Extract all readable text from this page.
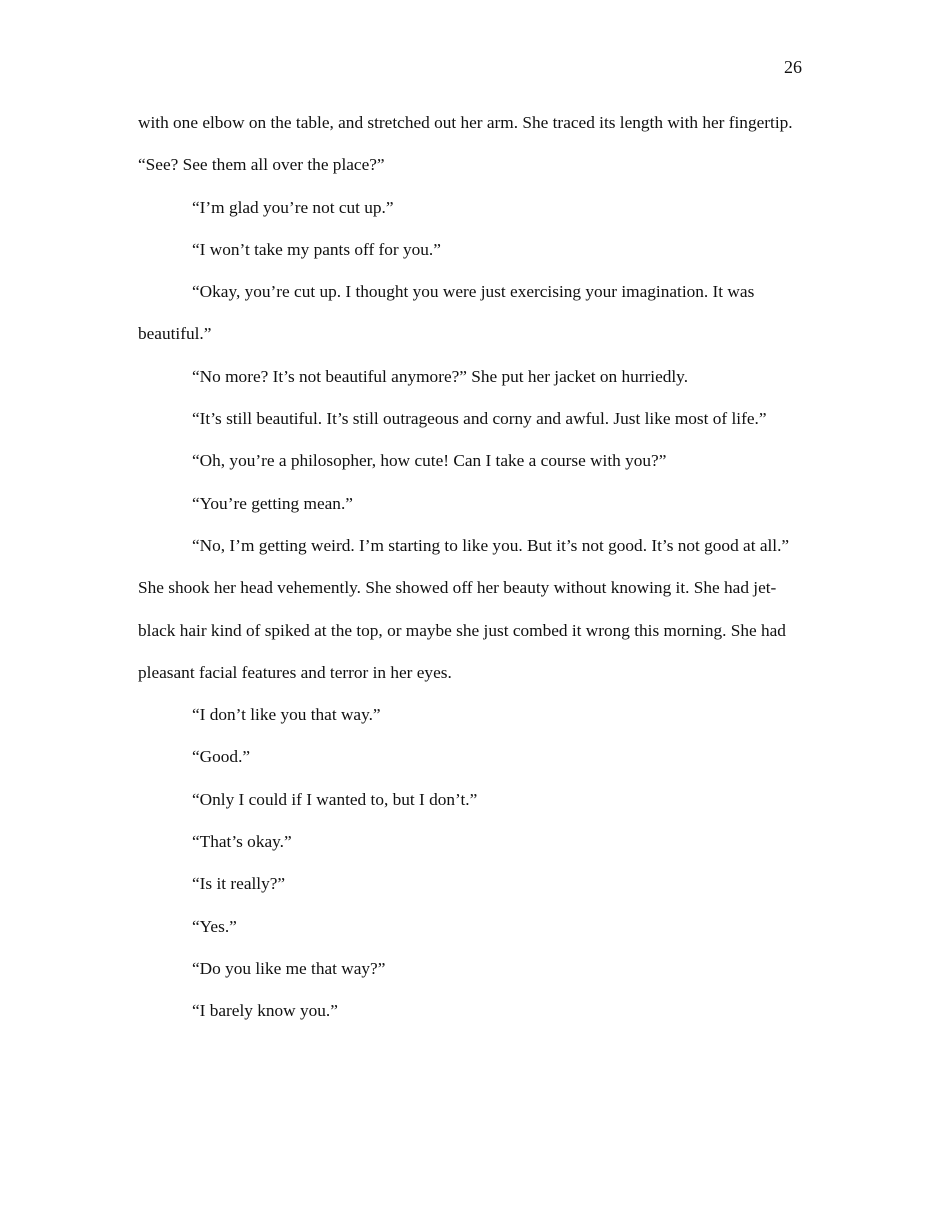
26

with one elbow on the table, and stretched out her arm. She traced its length with her fingertip. “See? See them all over the place?”

“I’m glad you’re not cut up.”

“I won’t take my pants off for you.”

“Okay, you’re cut up. I thought you were just exercising your imagination. It was beautiful.”

“No more? It’s not beautiful anymore?” She put her jacket on hurriedly.

“It’s still beautiful. It’s still outrageous and corny and awful. Just like most of life.”

“Oh, you’re a philosopher, how cute! Can I take a course with you?”

“You’re getting mean.”

“No, I’m getting weird. I’m starting to like you. But it’s not good. It’s not good at all.” She shook her head vehemently. She showed off her beauty without knowing it. She had jet-black hair kind of spiked at the top, or maybe she just combed it wrong this morning. She had pleasant facial features and terror in her eyes.

“I don’t like you that way.”

“Good.”

“Only I could if I wanted to, but I don’t.”

“That’s okay.”

“Is it really?”

“Yes.”

“Do you like me that way?”

“I barely know you.”
